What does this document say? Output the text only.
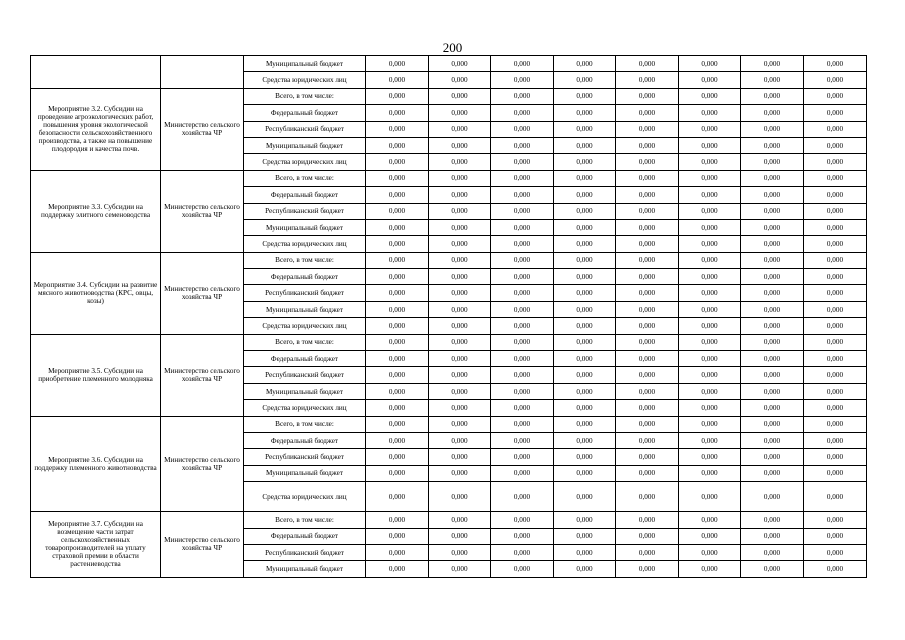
200
		Муниципальный бюджет	0,000	0,000	0,000	0,000	0,000	0,000	0,000	0,000
		Средства юридических лиц	0,000	0,000	0,000	0,000	0,000	0,000	0,000	0,000
Мероприятие 3.2. Субсидии на проведение агроэкологических работ, повышения уровня экологической безопасности сельскохозяйственного производства, а также на повышение плодородия и качества почв.	Министерство сельского хозяйства ЧР	Всего, в том числе:	0,000	0,000	0,000	0,000	0,000	0,000	0,000	0,000
		Федеральный бюджет	0,000	0,000	0,000	0,000	0,000	0,000	0,000	0,000
		Республиканский бюджет	0,000	0,000	0,000	0,000	0,000	0,000	0,000	0,000
		Муниципальный бюджет	0,000	0,000	0,000	0,000	0,000	0,000	0,000	0,000
		Средства юридических лиц	0,000	0,000	0,000	0,000	0,000	0,000	0,000	0,000
Мероприятие 3.3. Субсидии на поддержку элитного семеноводства	Министерство сельского хозяйства ЧР	Всего, в том числе:	0,000	0,000	0,000	0,000	0,000	0,000	0,000	0,000
		Федеральный бюджет	0,000	0,000	0,000	0,000	0,000	0,000	0,000	0,000
		Республиканский бюджет	0,000	0,000	0,000	0,000	0,000	0,000	0,000	0,000
		Муниципальный бюджет	0,000	0,000	0,000	0,000	0,000	0,000	0,000	0,000
		Средства юридических лиц	0,000	0,000	0,000	0,000	0,000	0,000	0,000	0,000
Мероприятие 3.4. Субсидии на развитие мясного животноводства (КРС, овцы, козы)	Министерство сельского хозяйства ЧР	Всего, в том числе:	0,000	0,000	0,000	0,000	0,000	0,000	0,000	0,000
		Федеральный бюджет	0,000	0,000	0,000	0,000	0,000	0,000	0,000	0,000
		Республиканский бюджет	0,000	0,000	0,000	0,000	0,000	0,000	0,000	0,000
		Муниципальный бюджет	0,000	0,000	0,000	0,000	0,000	0,000	0,000	0,000
		Средства юридических лиц	0,000	0,000	0,000	0,000	0,000	0,000	0,000	0,000
Мероприятие 3.5. Субсидии на приобретение племенного молодняка	Министерство сельского хозяйства ЧР	Всего, в том числе:	0,000	0,000	0,000	0,000	0,000	0,000	0,000	0,000
		Федеральный бюджет	0,000	0,000	0,000	0,000	0,000	0,000	0,000	0,000
		Республиканский бюджет	0,000	0,000	0,000	0,000	0,000	0,000	0,000	0,000
		Муниципальный бюджет	0,000	0,000	0,000	0,000	0,000	0,000	0,000	0,000
		Средства юридических лиц	0,000	0,000	0,000	0,000	0,000	0,000	0,000	0,000
Мероприятие 3.6. Субсидии на поддержку племенного животноводства	Министерство сельского хозяйства ЧР	Всего, в том числе:	0,000	0,000	0,000	0,000	0,000	0,000	0,000	0,000
		Федеральный бюджет	0,000	0,000	0,000	0,000	0,000	0,000	0,000	0,000
		Республиканский бюджет	0,000	0,000	0,000	0,000	0,000	0,000	0,000	0,000
		Муниципальный бюджет	0,000	0,000	0,000	0,000	0,000	0,000	0,000	0,000
		Средства юридических лиц	0,000	0,000	0,000	0,000	0,000	0,000	0,000	0,000
Мероприятие 3.7. Субсидии на возмещение части затрат сельскохозяйственных товаропроизводителей на уплату страховой премии в области растениеводства	Министерство сельского хозяйства ЧР	Всего, в том числе:	0,000	0,000	0,000	0,000	0,000	0,000	0,000	0,000
		Федеральный бюджет	0,000	0,000	0,000	0,000	0,000	0,000	0,000	0,000
		Республиканский бюджет	0,000	0,000	0,000	0,000	0,000	0,000	0,000	0,000
		Муниципальный бюджет	0,000	0,000	0,000	0,000	0,000	0,000	0,000	0,000
